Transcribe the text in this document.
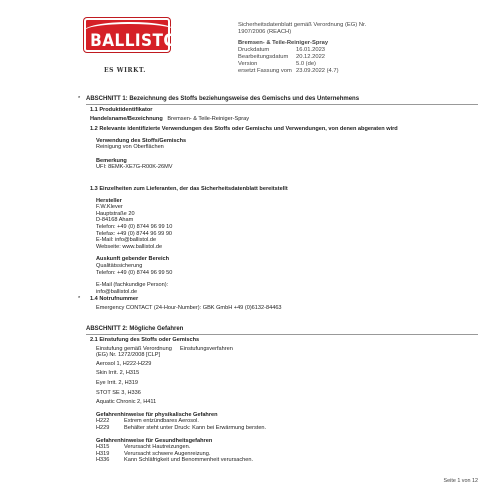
BALLISTOL
ES WIRKT.
Sicherheitsdatenblatt gemäß Verordnung (EG) Nr.
1907/2006 (REACH)
Bremsen- & Teile-Reiniger-Spray
Druckdatum	16.01.2023
Bearbeitungsdatum	20.12.2022
Version	5.0 (de)
ersetzt Fassung vom 23.09.2022 (4.7)
* ABSCHNITT 1: Bezeichnung des Stoffs beziehungsweise des Gemischs und des Unternehmens
1.1 Produktidentifikator
Handelsname/Bezeichnung Bremsen- & Teile-Reiniger-Spray
1.2 Relevante identifizierte Verwendungen des Stoffs oder Gemischs und Verwendungen, von denen abgeraten wird
Verwendung des Stoffs/Gemischs
Reinigung von Oberflächen
Bemerkung
UFI: 8EMK-XE7G-R00K-26MV
1.3 Einzelheiten zum Lieferanten, der das Sicherheitsdatenblatt bereitstellt
Hersteller
F.W.Klever
Hauptstraße 20
D-84168 Aham
Telefon: +49 (0) 8744 96 99 10
Telefax: +49 (0) 8744 96 99 90
E-Mail: info@ballistol.de
Webseite: www.ballistol.de
Auskunft gebender Bereich
Qualitätssicherung
Telefon: +49 (0) 8744 96 99 50
E-Mail (fachkundige Person):
info@ballistol.de
* 1.4 Notrufnummer
Emergency CONTACT (24-Hour-Number): GBK GmbH +49 (0)6132-84463
ABSCHNITT 2: Mögliche Gefahren
2.1 Einstufung des Stoffs oder Gemischs
Einstufung gemäß Verordnung (EG) Nr. 1272/2008 [CLP]
Einstufungsverfahren
Aerosol 1, H222-H229
Skin Irrit. 2, H315
Eye Irrit. 2, H319
STOT SE 3, H336
Aquatic Chronic 2, H411
Gefahrenhinweise für physikalische Gefahren
H222	Extrem entzündbares Aerosol.
H229	Behälter steht unter Druck: Kann bei Erwärmung bersten.
Gefahrenhinweise für Gesundheitsgefahren
H315	Verursacht Hautreizungen.
H319	Verursacht schwere Augenreizung.
H336	Kann Schläfrigkeit und Benommenheit verursachen.
Seite 1 von 12
